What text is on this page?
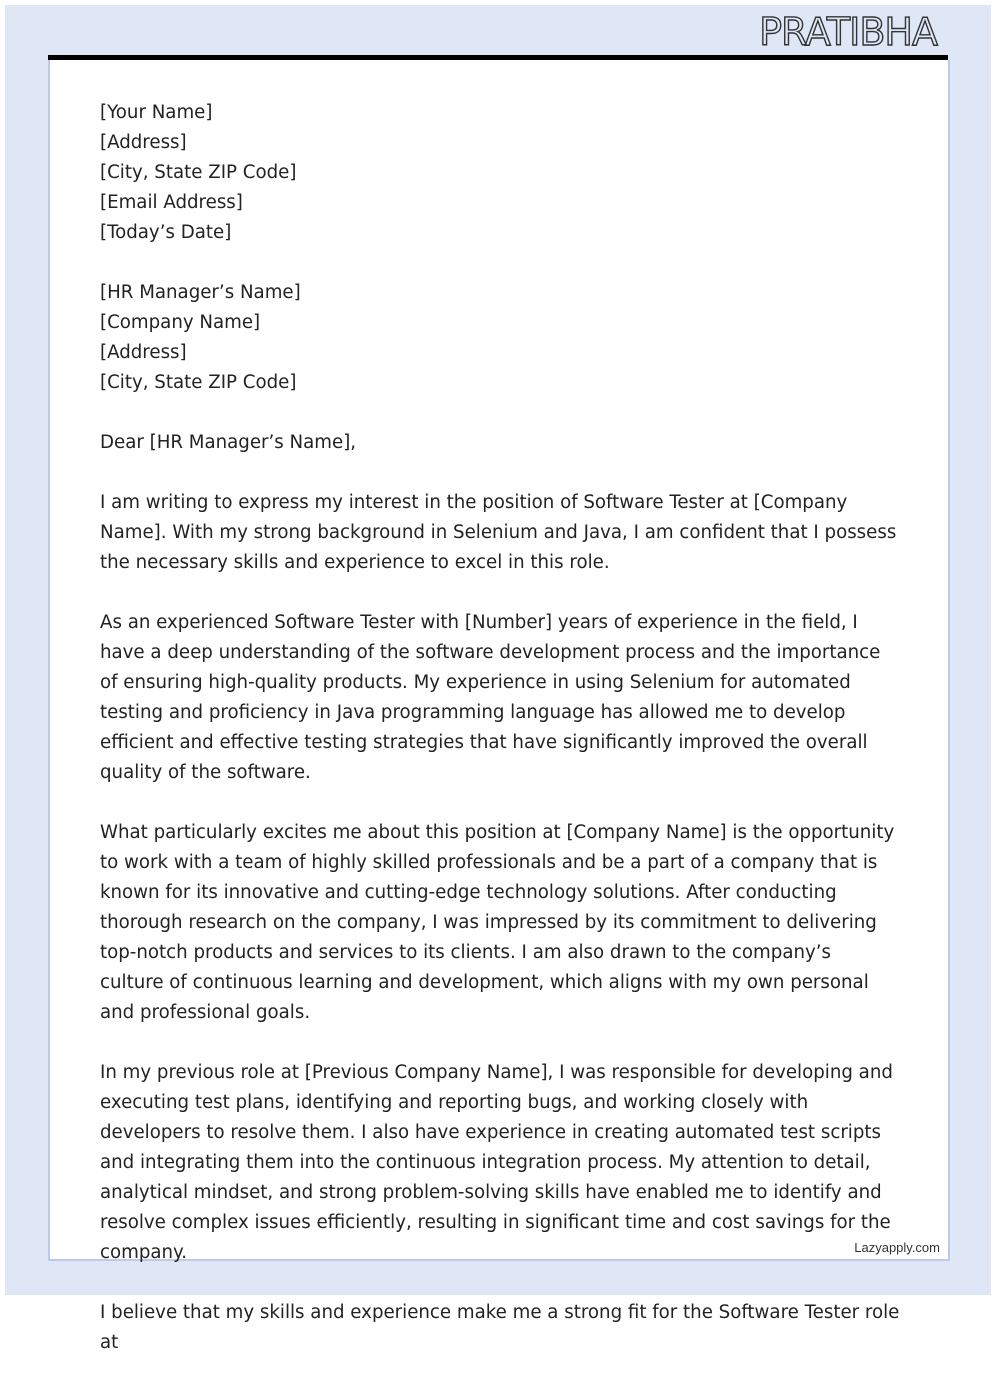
PRATIBHA
Lazyapply.com
[Your Name]
[Address]
[City, State ZIP Code]
[Email Address]
[Today’s Date]
[HR Manager’s Name]
[Company Name]
[Address]
[City, State ZIP Code]
Dear [HR Manager’s Name],

I am writing to express my interest in the position of Software Tester at [Company Name]. With my strong background in Selenium and Java, I am confident that I possess the necessary skills and experience to excel in this role.

As an experienced Software Tester with [Number] years of experience in the field, I have a deep understanding of the software development process and the importance of ensuring high-quality products. My experience in using Selenium for automated testing and proficiency in Java programming language has allowed me to develop efficient and effective testing strategies that have significantly improved the overall quality of the software.

What particularly excites me about this position at [Company Name] is the opportunity to work with a team of highly skilled professionals and be a part of a company that is known for its innovative and cutting-edge technology solutions. After conducting thorough research on the company, I was impressed by its commitment to delivering top-notch products and services to its clients. I am also drawn to the company’s culture of continuous learning and development, which aligns with my own personal and professional goals.

In my previous role at [Previous Company Name], I was responsible for developing and executing test plans, identifying and reporting bugs, and working closely with developers to resolve them. I also have experience in creating automated test scripts and integrating them into the continuous integration process. My attention to detail, analytical mindset, and strong problem-solving skills have enabled me to identify and resolve complex issues efficiently, resulting in significant time and cost savings for the company.

I believe that my skills and experience make me a strong fit for the Software Tester role at
